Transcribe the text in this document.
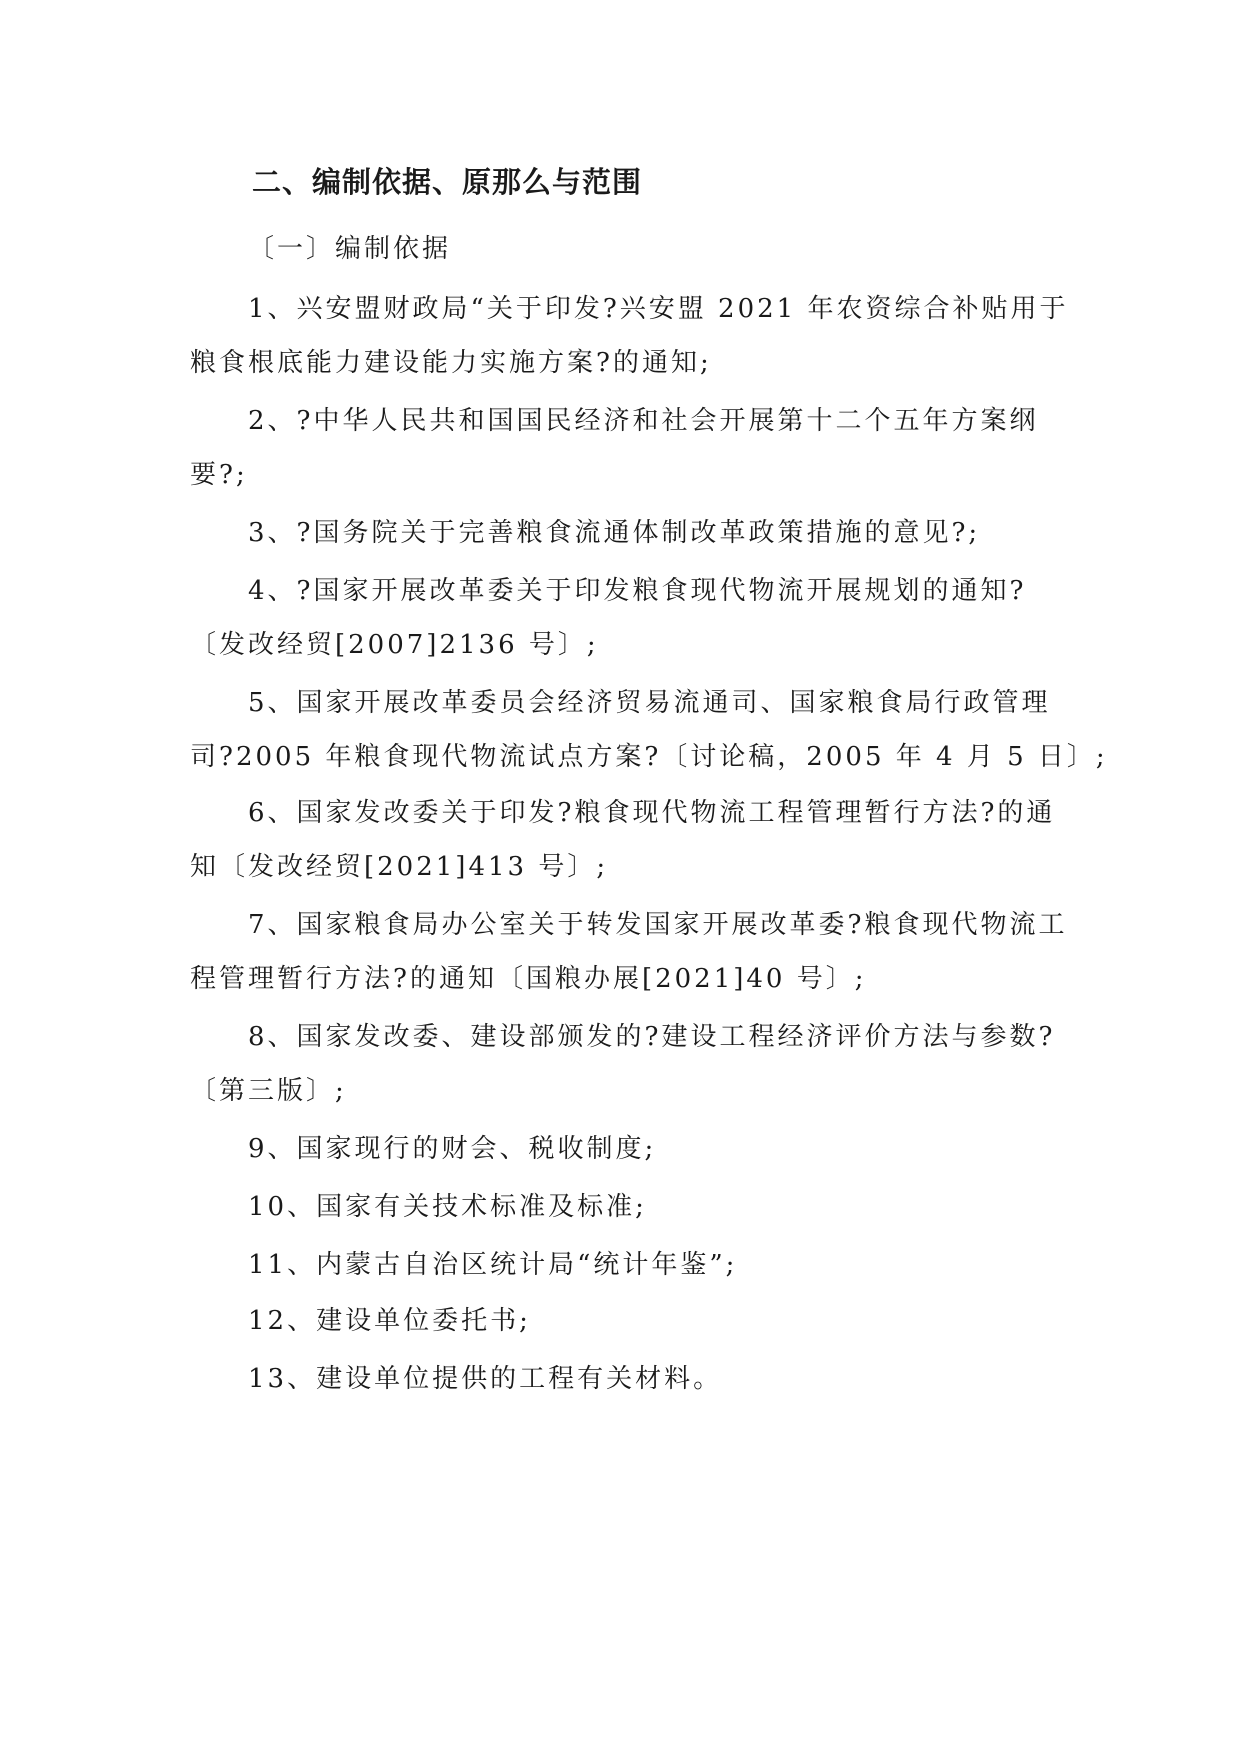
二、编制依据、原那么与范围

〔一〕编制依据

1、兴安盟财政局“关于印发?兴安盟 2021 年农资综合补贴用于

粮食根底能力建设能力实施方案?的通知;

2、?中华人民共和国国民经济和社会开展第十二个五年方案纲

要?;

3、?国务院关于完善粮食流通体制改革政策措施的意见?;

4、?国家开展改革委关于印发粮食现代物流开展规划的通知?

〔发改经贸[2007]2136 号〕;

5、国家开展改革委员会经济贸易流通司、国家粮食局行政管理

司?2005 年粮食现代物流试点方案?〔讨论稿，2005 年 4 月 5 日〕;

6、国家发改委关于印发?粮食现代物流工程管理暂行方法?的通

知〔发改经贸[2021]413 号〕;

7、国家粮食局办公室关于转发国家开展改革委?粮食现代物流工

程管理暂行方法?的通知〔国粮办展[2021]40 号〕;

8、国家发改委、建设部颁发的?建设工程经济评价方法与参数?

〔第三版〕;

9、国家现行的财会、税收制度;

10、国家有关技术标准及标准;

11、内蒙古自治区统计局“统计年鉴”;

12、建设单位委托书;

13、建设单位提供的工程有关材料。
